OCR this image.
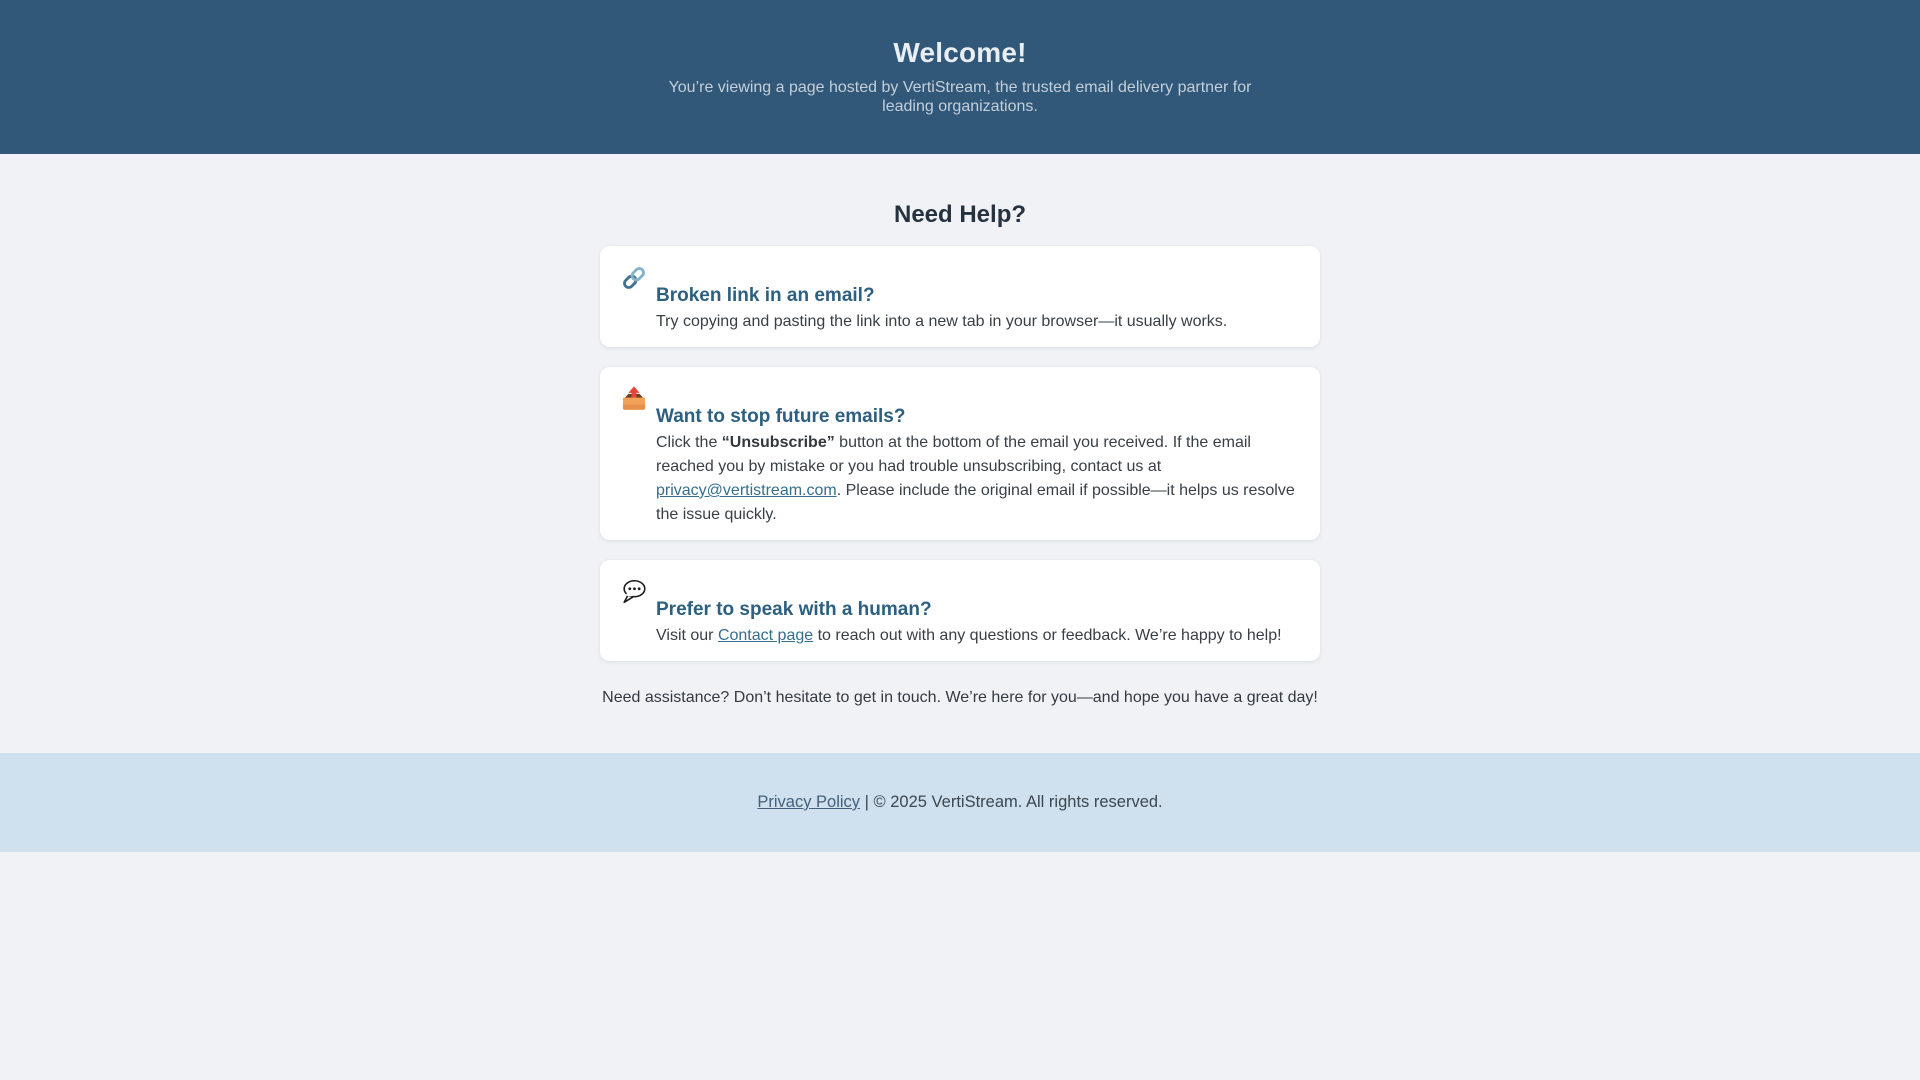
Welcome!

You’re viewing a page hosted by VertiStream, the trusted email delivery partner for leading organizations.

Need Help?
Broken link in an email?

Try copying and pasting the link into a new tab in your browser—it usually works.

Want to stop future emails?

Click the “Unsubscribe” button at the bottom of the email you received. If the email reached you by mistake or you had trouble unsubscribing, contact us at privacy@vertistream.com. Please include the original email if possible—it helps us resolve the issue quickly.

Prefer to speak with a human?

Visit our Contact page to reach out with any questions or feedback. We’re happy to help!

Need assistance? Don’t hesitate to get in touch. We’re here for you—and hope you have a great day!

Privacy Policy | © 2025 VertiStream. All rights reserved.
